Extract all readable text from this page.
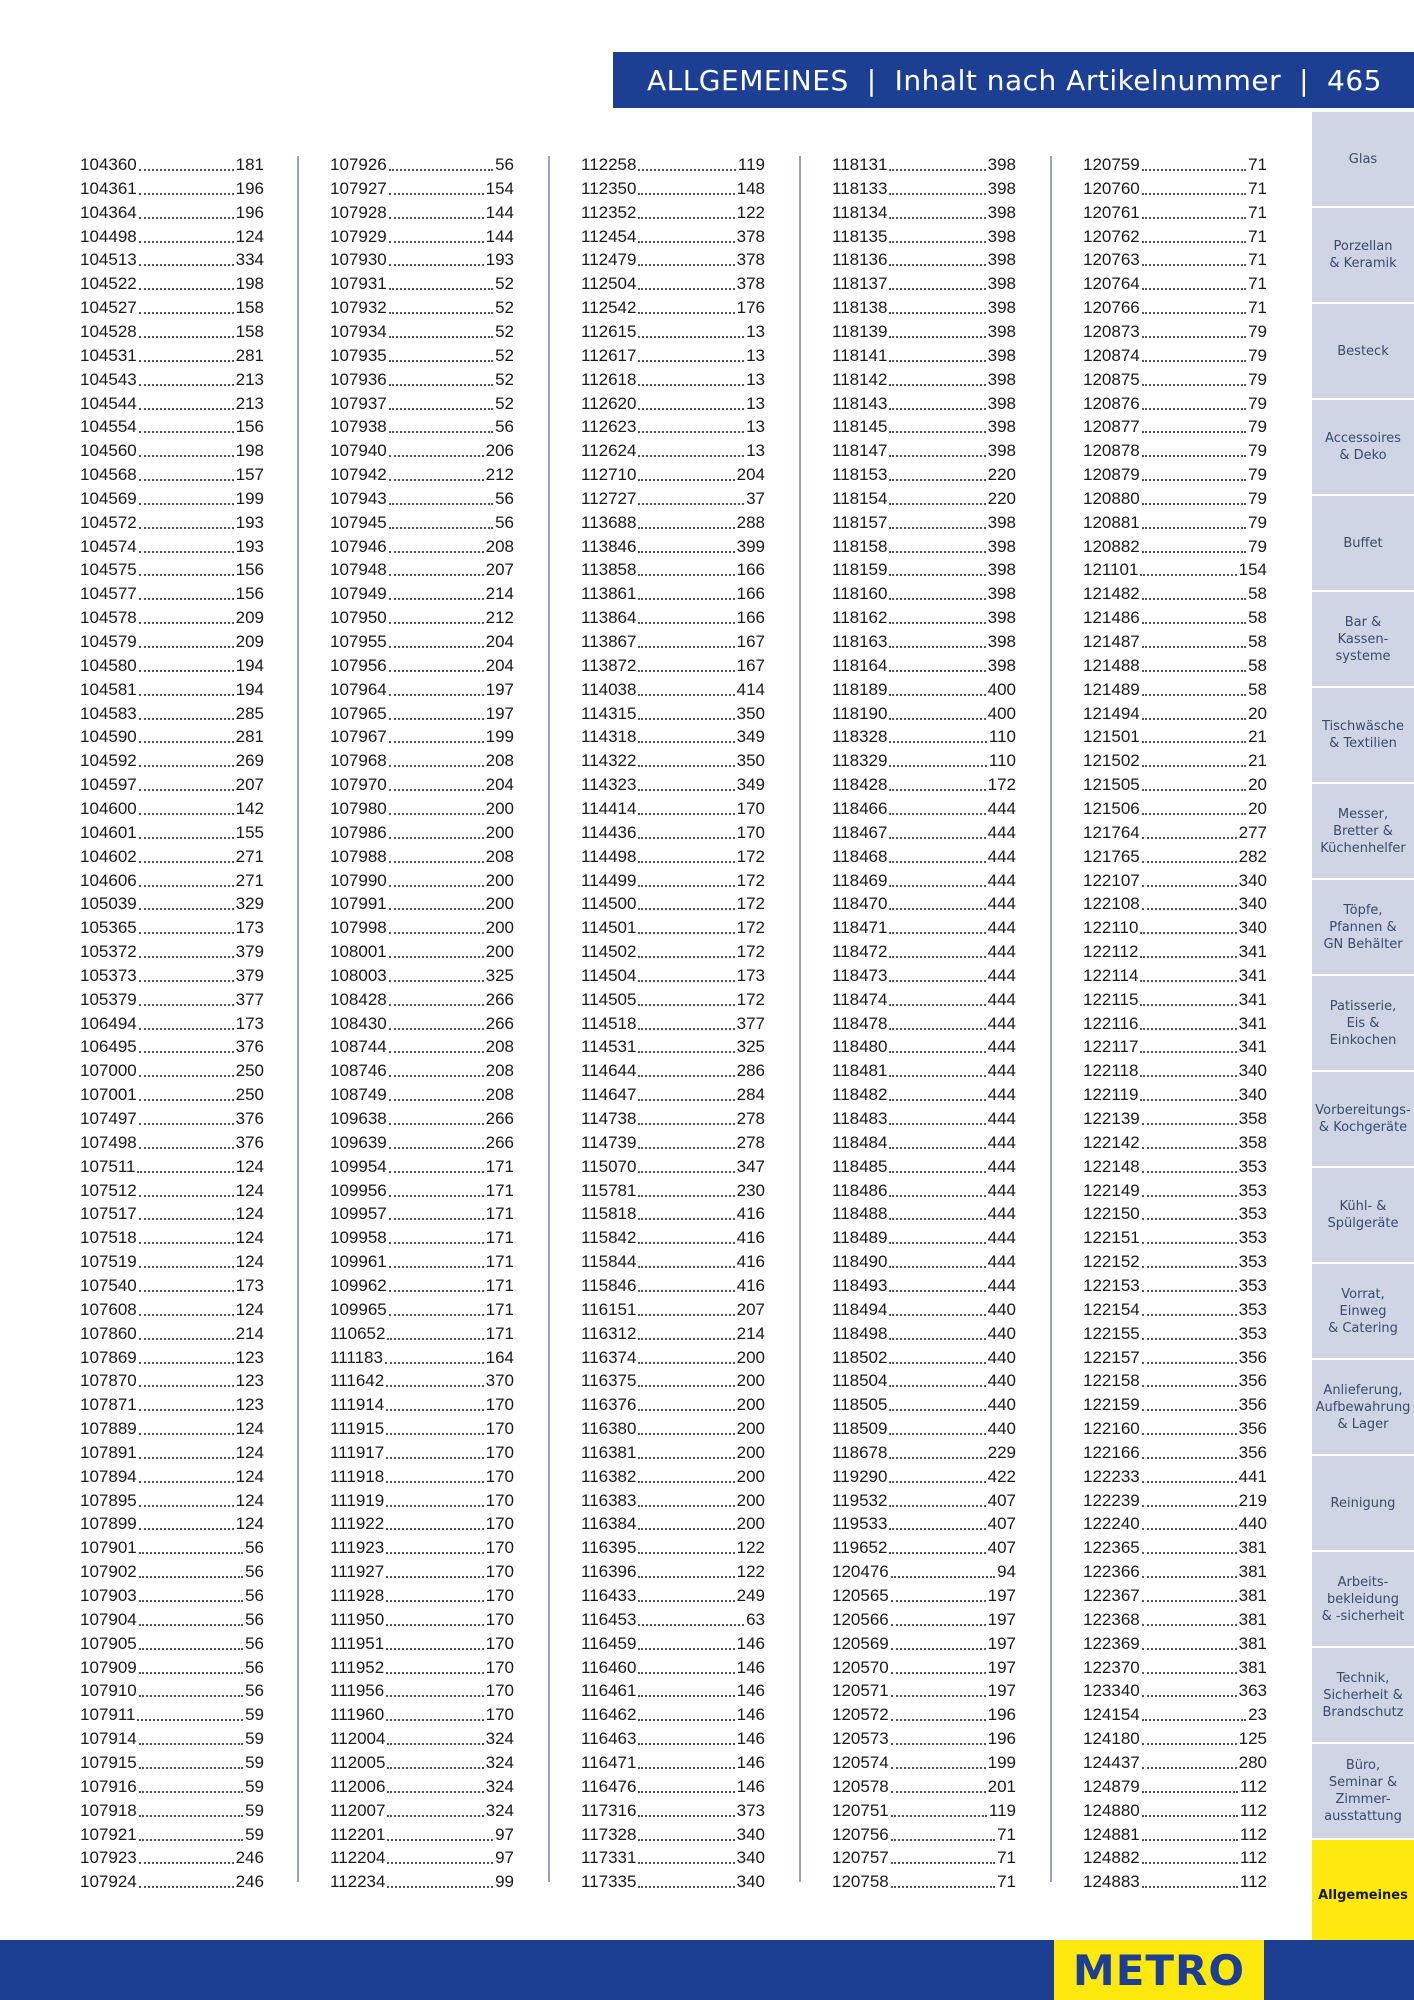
ALLGEMEINES | Inhalt nach Artikelnummer | 465
104360	181
104361	196
104364	196
104498	124
104513	334
104522	198
104527	158
104528	158
104531	281
104543	213
104544	213
104554	156
104560	198
104568	157
104569	199
104572	193
104574	193
104575	156
104577	156
104578	209
104579	209
104580	194
104581	194
104583	285
104590	281
104592	269
104597	207
104600	142
104601	155
104602	271
104606	271
105039	329
105365	173
105372	379
105373	379
105379	377
106494	173
106495	376
107000	250
107001	250
107497	376
107498	376
107511	124
107512	124
107517	124
107518	124
107519	124
107540	173
107608	124
107860	214
107869	123
107870	123
107871	123
107889	124
107891	124
107894	124
107895	124
107899	124
107901	56
107902	56
107903	56
107904	56
107905	56
107909	56
107910	56
107911	59
107914	59
107915	59
107916	59
107918	59
107921	59
107923	246
107924	246
107926	56
107927	154
107928	144
107929	144
107930	193
107931	52
107932	52
107934	52
107935	52
107936	52
107937	52
107938	56
107940	206
107942	212
107943	56
107945	56
107946	208
107948	207
107949	214
107950	212
107955	204
107956	204
107964	197
107965	197
107967	199
107968	208
107970	204
107980	200
107986	200
107988	208
107990	200
107991	200
107998	200
108001	200
108003	325
108428	266
108430	266
108744	208
108746	208
108749	208
109638	266
109639	266
109954	171
109956	171
109957	171
109958	171
109961	171
109962	171
109965	171
110652	171
111183	164
111642	370
111914	170
111915	170
111917	170
111918	170
111919	170
111922	170
111923	170
111927	170
111928	170
111950	170
111951	170
111952	170
111956	170
111960	170
112004	324
112005	324
112006	324
112007	324
112201	97
112204	97
112234	99
112258	119
112350	148
112352	122
112454	378
112479	378
112504	378
112542	176
112615	13
112617	13
112618	13
112620	13
112623	13
112624	13
112710	204
112727	37
113688	288
113846	399
113858	166
113861	166
113864	166
113867	167
113872	167
114038	414
114315	350
114318	349
114322	350
114323	349
114414	170
114436	170
114498	172
114499	172
114500	172
114501	172
114502	172
114504	173
114505	172
114518	377
114531	325
114644	286
114647	284
114738	278
114739	278
115070	347
115781	230
115818	416
115842	416
115844	416
115846	416
116151	207
116312	214
116374	200
116375	200
116376	200
116380	200
116381	200
116382	200
116383	200
116384	200
116395	122
116396	122
116433	249
116453	63
116459	146
116460	146
116461	146
116462	146
116463	146
116471	146
116476	146
117316	373
117328	340
117331	340
117335	340
118131	398
118133	398
118134	398
118135	398
118136	398
118137	398
118138	398
118139	398
118141	398
118142	398
118143	398
118145	398
118147	398
118153	220
118154	220
118157	398
118158	398
118159	398
118160	398
118162	398
118163	398
118164	398
118189	400
118190	400
118328	110
118329	110
118428	172
118466	444
118467	444
118468	444
118469	444
118470	444
118471	444
118472	444
118473	444
118474	444
118478	444
118480	444
118481	444
118482	444
118483	444
118484	444
118485	444
118486	444
118488	444
118489	444
118490	444
118493	444
118494	440
118498	440
118502	440
118504	440
118505	440
118509	440
118678	229
119290	422
119532	407
119533	407
119652	407
120476	94
120565	197
120566	197
120569	197
120570	197
120571	197
120572	196
120573	196
120574	199
120578	201
120751	119
120756	71
120757	71
120758	71
120759	71
120760	71
120761	71
120762	71
120763	71
120764	71
120766	71
120873	79
120874	79
120875	79
120876	79
120877	79
120878	79
120879	79
120880	79
120881	79
120882	79
121101	154
121482	58
121486	58
121487	58
121488	58
121489	58
121494	20
121501	21
121502	21
121505	20
121506	20
121764	277
121765	282
122107	340
122108	340
122110	340
122112	341
122114	341
122115	341
122116	341
122117	341
122118	340
122119	340
122139	358
122142	358
122148	353
122149	353
122150	353
122151	353
122152	353
122153	353
122154	353
122155	353
122157	356
122158	356
122159	356
122160	356
122166	356
122233	441
122239	219
122240	440
122365	381
122366	381
122367	381
122368	381
122369	381
122370	381
123340	363
124154	23
124180	125
124437	280
124879	112
124880	112
124881	112
124882	112
124883	112
Glas
Porzellan
& Keramik
Besteck
Accessoires
& Deko
Buffet
Bar &
Kassen-
systeme
Tischwäsche
& Textilien
Messer,
Bretter &
Küchenhelfer
Töpfe,
Pfannen &
GN Behälter
Patisserie,
Eis &
Einkochen
Vorbereitungs-
& Kochgeräte
Kühl- &
Spülgeräte
Vorrat,
Einweg
& Catering
Anlieferung,
Aufbewahrung
& Lager
Reinigung
Arbeits-
bekleidung
& -sicherheit
Technik,
Sicherheit &
Brandschutz
Büro,
Seminar &
Zimmer-
ausstattung
Allgemeines
METRO
